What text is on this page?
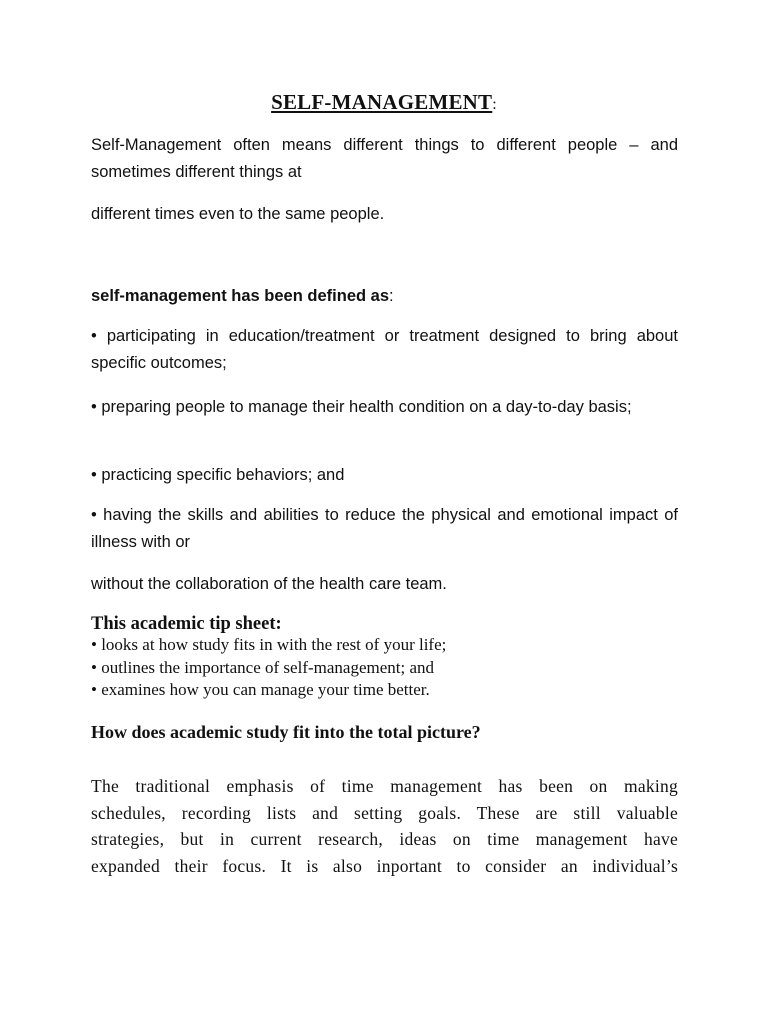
SELF-MANAGEMENT:

Self-Management often means different things to different people – and sometimes different things at

different times even to the same people.

self-management has been defined as:

• participating in education/treatment or treatment designed to bring about specific outcomes;

• preparing people to manage their health condition on a day-to-day basis;

• practicing specific behaviors; and

• having the skills and abilities to reduce the physical and emotional impact of illness with or

without the collaboration of the health care team.

This academic tip sheet:

• looks at how study fits in with the rest of your life;
• outlines the importance of self-management; and
• examines how you can manage your time better.

How does academic study fit into the total picture?

The traditional emphasis of time management has been on making
schedules, recording lists and setting goals. These are still valuable
strategies, but in current research, ideas on time management have
expanded their focus. It is also inportant to consider an individual’s
